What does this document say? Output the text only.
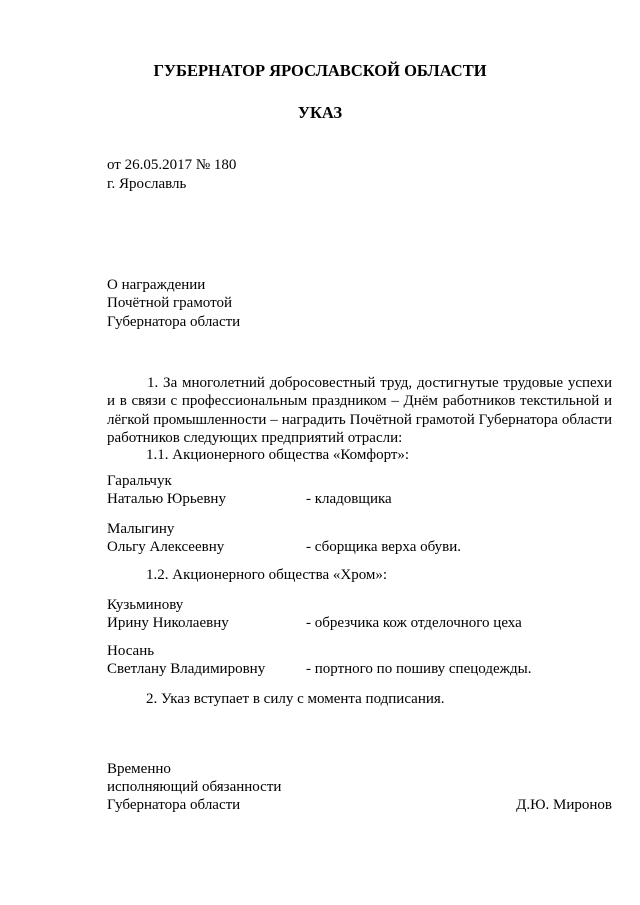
ГУБЕРНАТОР ЯРОСЛАВСКОЙ ОБЛАСТИ
УКАЗ
от 26.05.2017 № 180
г. Ярославль
О награждении
Почётной грамотой
Губернатора области
1. За многолетний добросовестный труд, достигнутые трудовые успехи и в связи с профессиональным праздником – Днём работников текстильной и лёгкой промышленности – наградить Почётной грамотой Губернатора области работников следующих предприятий отрасли:
1.1. Акционерного общества «Комфорт»:
Гаральчук
Наталью Юрьевну	- кладовщика
Малыгину
Ольгу Алексеевну	- сборщика верха обуви.
1.2. Акционерного общества «Хром»:
Кузьминову
Ирину Николаевну	- обрезчика кож отделочного цеха
Носань
Светлану Владимировну	- портного по пошиву спецодежды.
2. Указ вступает в силу с момента подписания.
Временно
исполняющий обязанности
Губернатора области	Д.Ю. Миронов
